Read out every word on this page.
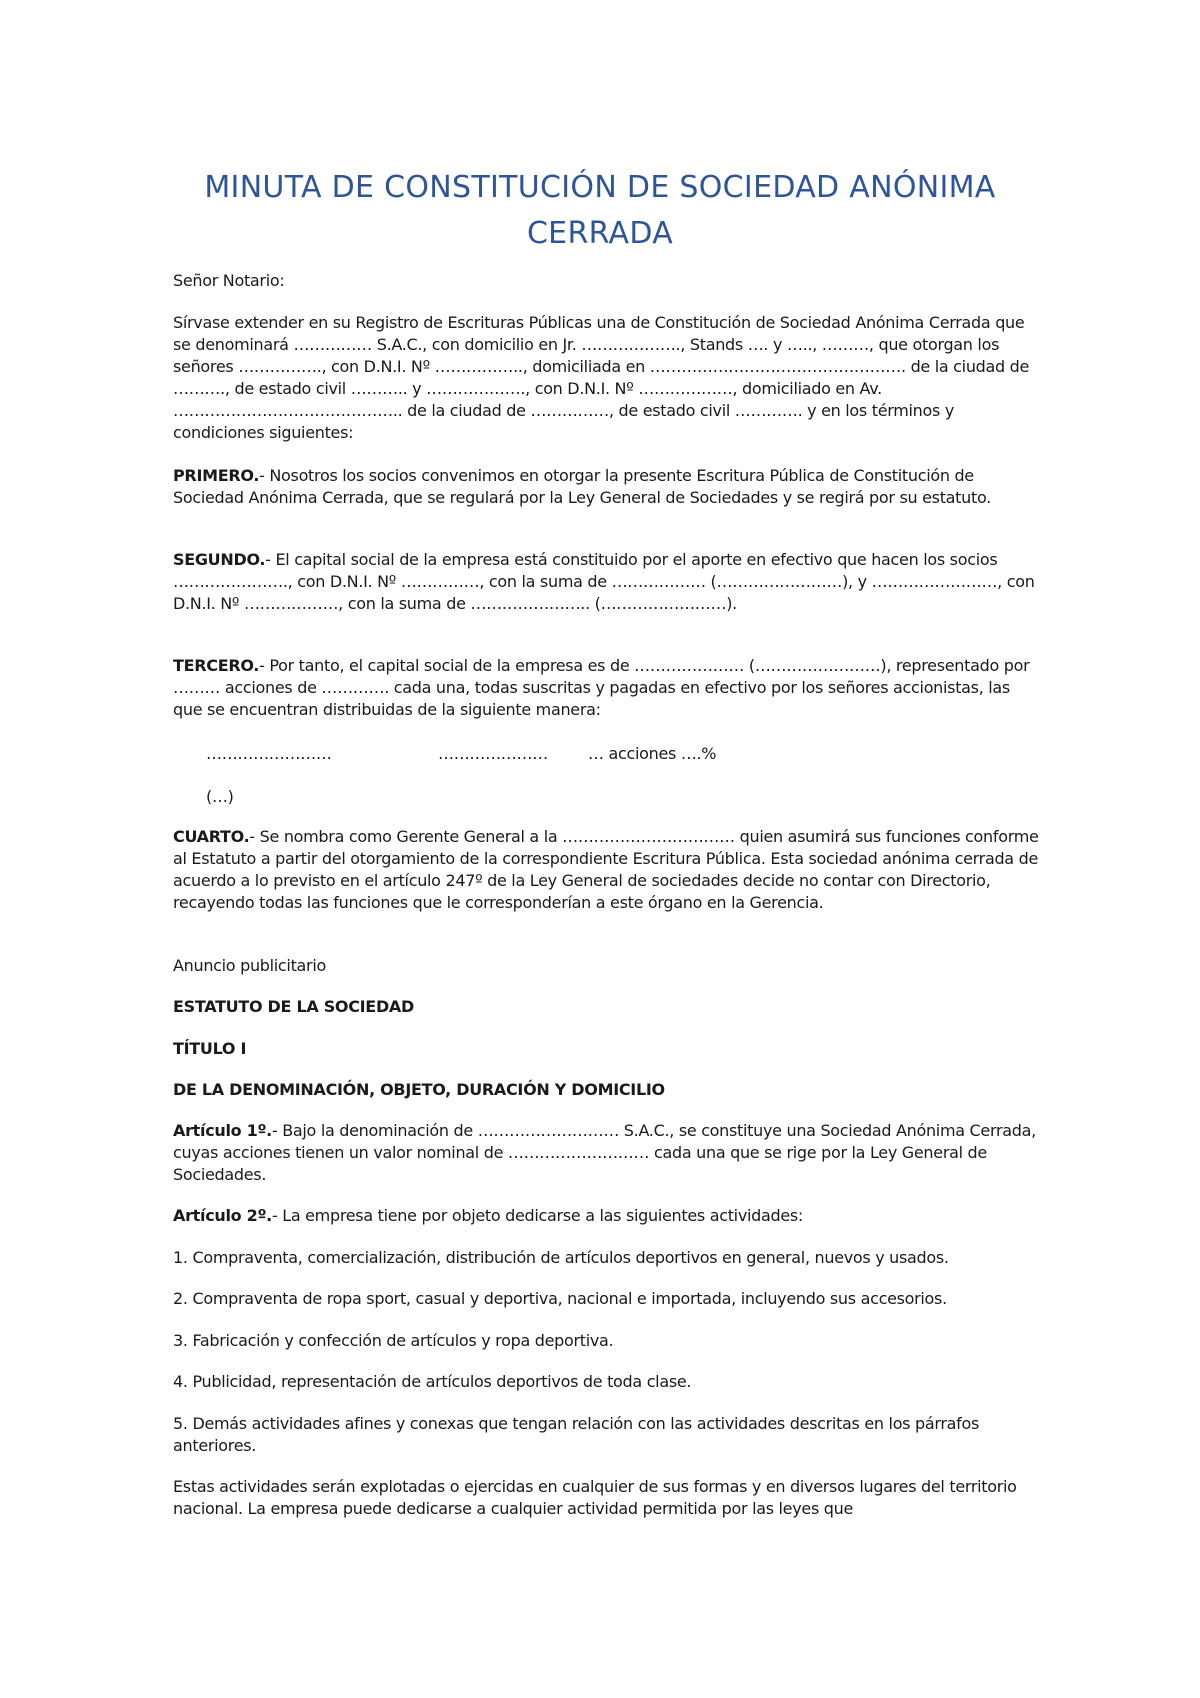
MINUTA DE CONSTITUCIÓN DE SOCIEDAD ANÓNIMA CERRADA

Señor Notario:

Sírvase extender en su Registro de Escrituras Públicas una de Constitución de Sociedad Anónima Cerrada que se denominará …………… S.A.C., con domicilio en Jr. ………………., Stands …. y ….., ………, que otorgan los señores ……………., con D.N.I. Nº …………….., domiciliada en …………………………………………. de la ciudad de ………., de estado civil ……….. y ………………., con D.N.I. Nº ………………, domiciliado en Av. …………………………………….. de la ciudad de ……………, de estado civil …………. y en los términos y condiciones siguientes:

PRIMERO.- Nosotros los socios convenimos en otorgar la presente Escritura Pública de Constitución de Sociedad Anónima Cerrada, que se regulará por la Ley General de Sociedades y se regirá por su estatuto.

SEGUNDO.- El capital social de la empresa está constituido por el aporte en efectivo que hacen los socios …………………., con D.N.I. Nº ……………, con la suma de ……………… (……………………), y ……………………, con D.N.I. Nº ………………, con la suma de ………………….. (……………………).

TERCERO.- Por tanto, el capital social de la empresa es de ………………… (……………………), representado por ……… acciones de …………. cada una, todas suscritas y pagadas en efectivo por los señores accionistas, las que se encuentran distribuidas de la siguiente manera:

……………………	…………………	… acciones ….%
(…)

CUARTO.- Se nombra como Gerente General a la …………………………… quien asumirá sus funciones conforme al Estatuto a partir del otorgamiento de la correspondiente Escritura Pública. Esta sociedad anónima cerrada de acuerdo a lo previsto en el artículo 247º de la Ley General de sociedades decide no contar con Directorio, recayendo todas las funciones que le corresponderían a este órgano en la Gerencia.

Anuncio publicitario

ESTATUTO DE LA SOCIEDAD

TÍTULO I

DE LA DENOMINACIÓN, OBJETO, DURACIÓN Y DOMICILIO

Artículo 1º.- Bajo la denominación de ……………………… S.A.C., se constituye una Sociedad Anónima Cerrada, cuyas acciones tienen un valor nominal de ……………………… cada una que se rige por la Ley General de Sociedades.

Artículo 2º.- La empresa tiene por objeto dedicarse a las siguientes actividades:

1. Compraventa, comercialización, distribución de artículos deportivos en general, nuevos y usados.

2. Compraventa de ropa sport, casual y deportiva, nacional e importada, incluyendo sus accesorios.

3. Fabricación y confección de artículos y ropa deportiva.

4. Publicidad, representación de artículos deportivos de toda clase.

5. Demás actividades afines y conexas que tengan relación con las actividades descritas en los párrafos anteriores.

Estas actividades serán explotadas o ejercidas en cualquier de sus formas y en diversos lugares del territorio nacional. La empresa puede dedicarse a cualquier actividad permitida por las leyes que
